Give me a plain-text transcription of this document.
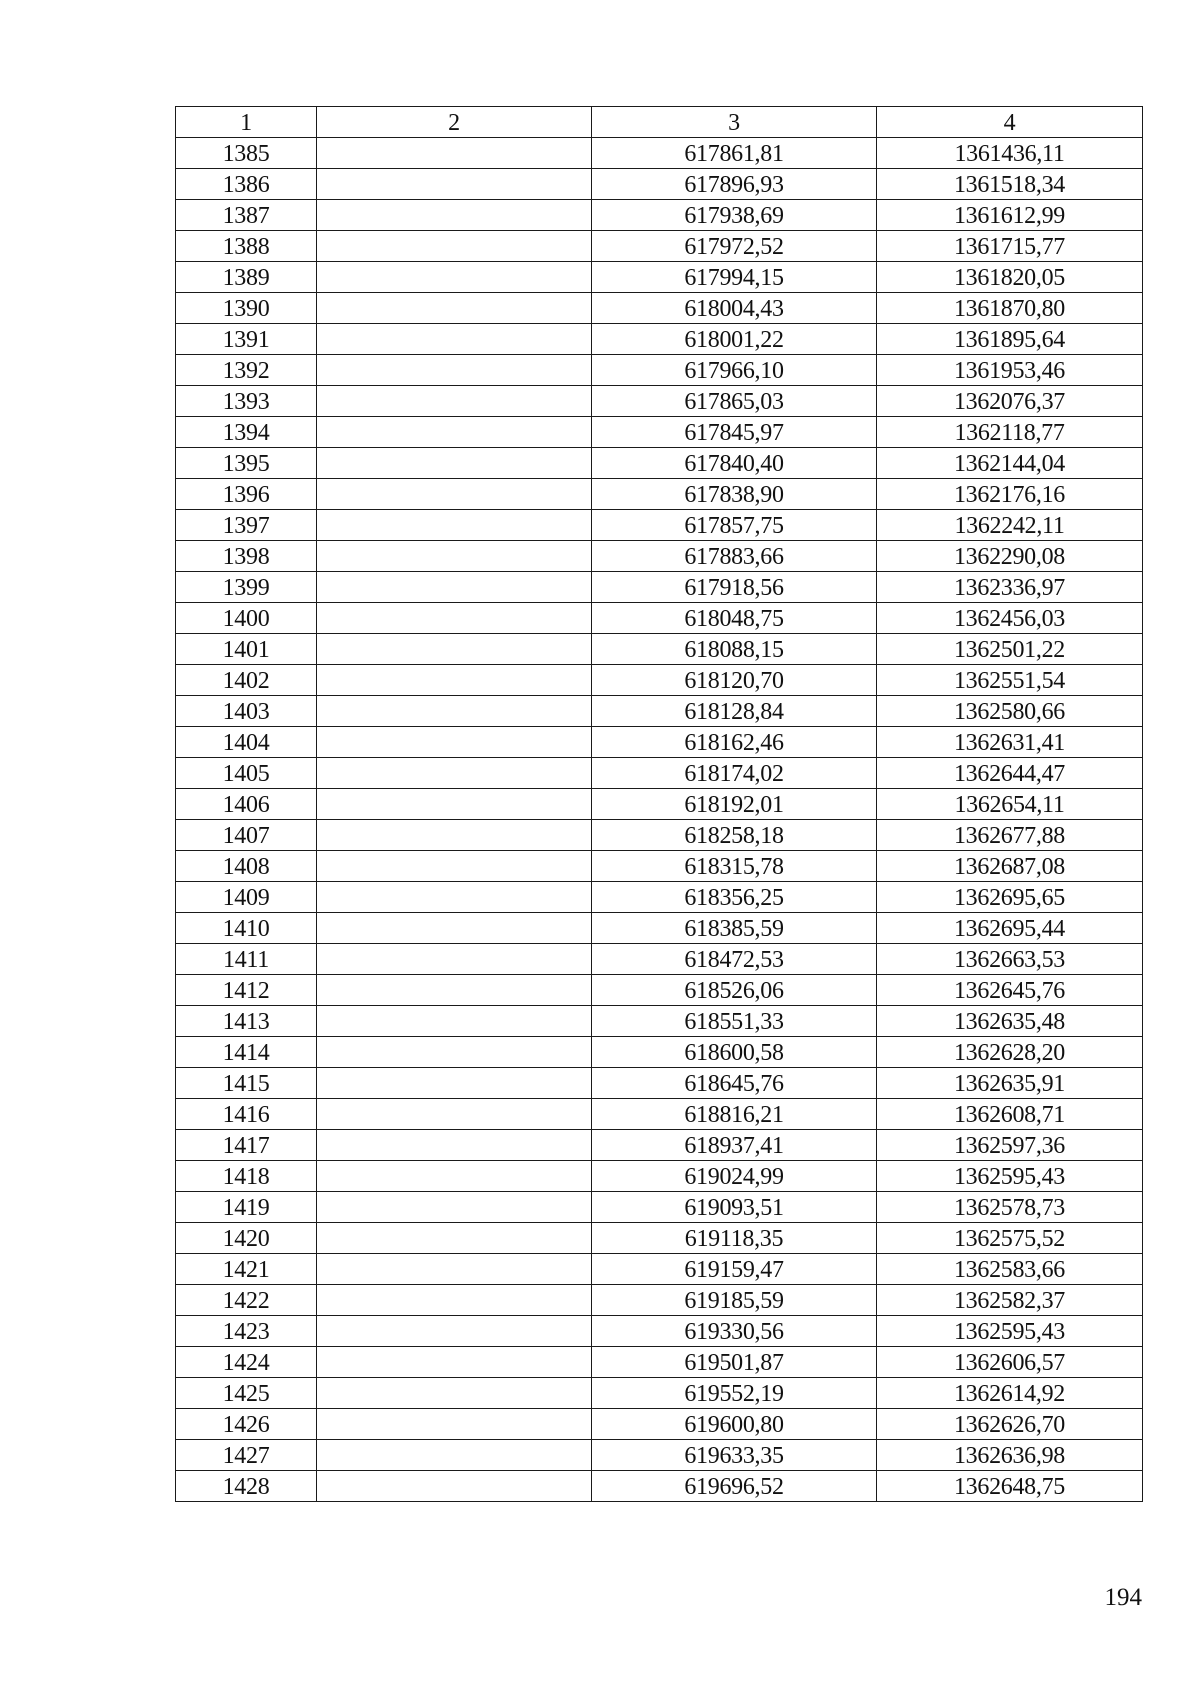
1	2	3	4
1385		617861,81	1361436,11
1386		617896,93	1361518,34
1387		617938,69	1361612,99
1388		617972,52	1361715,77
1389		617994,15	1361820,05
1390		618004,43	1361870,80
1391		618001,22	1361895,64
1392		617966,10	1361953,46
1393		617865,03	1362076,37
1394		617845,97	1362118,77
1395		617840,40	1362144,04
1396		617838,90	1362176,16
1397		617857,75	1362242,11
1398		617883,66	1362290,08
1399		617918,56	1362336,97
1400		618048,75	1362456,03
1401		618088,15	1362501,22
1402		618120,70	1362551,54
1403		618128,84	1362580,66
1404		618162,46	1362631,41
1405		618174,02	1362644,47
1406		618192,01	1362654,11
1407		618258,18	1362677,88
1408		618315,78	1362687,08
1409		618356,25	1362695,65
1410		618385,59	1362695,44
1411		618472,53	1362663,53
1412		618526,06	1362645,76
1413		618551,33	1362635,48
1414		618600,58	1362628,20
1415		618645,76	1362635,91
1416		618816,21	1362608,71
1417		618937,41	1362597,36
1418		619024,99	1362595,43
1419		619093,51	1362578,73
1420		619118,35	1362575,52
1421		619159,47	1362583,66
1422		619185,59	1362582,37
1423		619330,56	1362595,43
1424		619501,87	1362606,57
1425		619552,19	1362614,92
1426		619600,80	1362626,70
1427		619633,35	1362636,98
1428		619696,52	1362648,75
194
